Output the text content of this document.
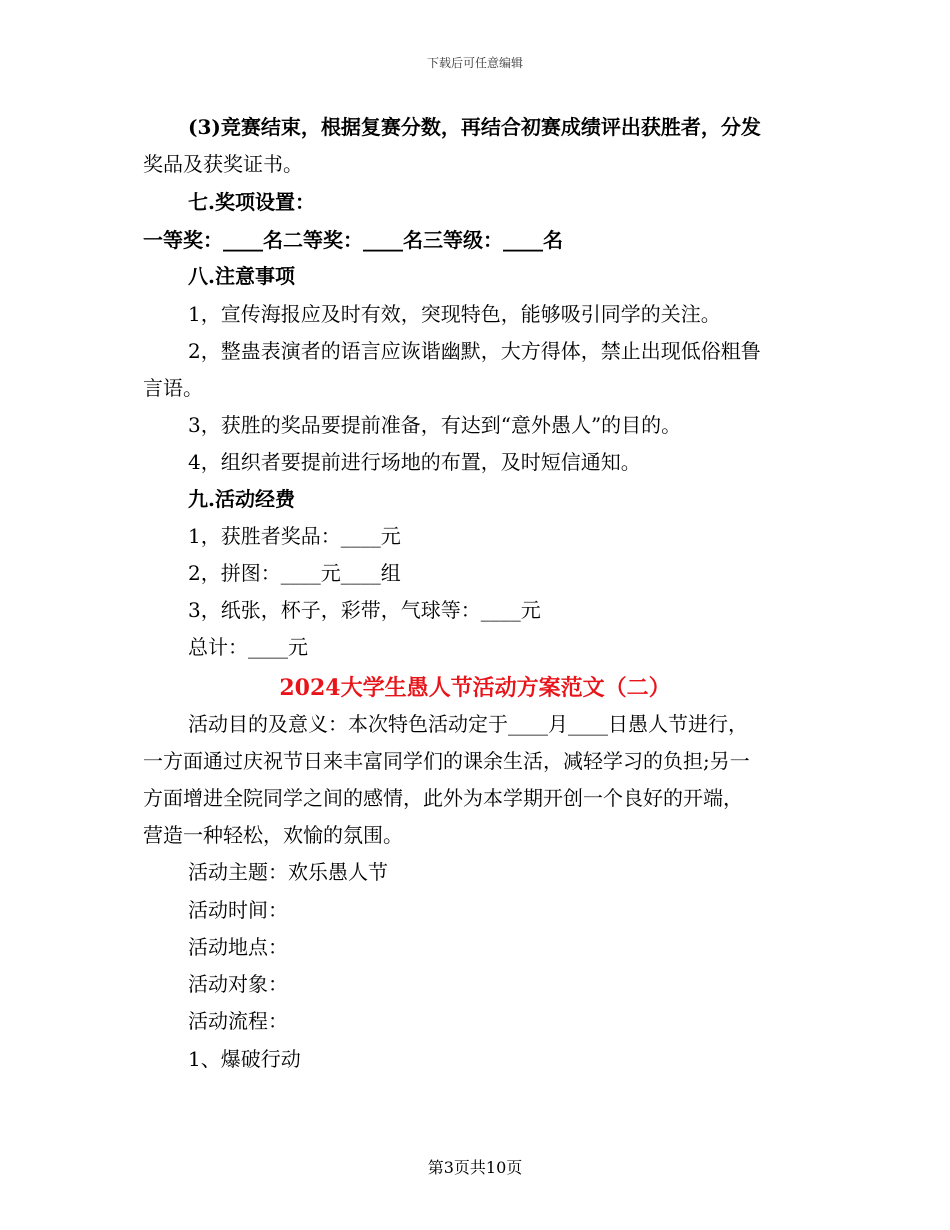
下载后可任意编辑
(3)竞赛结束，根据复赛分数，再结合初赛成绩评出获胜者，分发
奖品及获奖证书。
七.奖项设置：
一等奖：____名二等奖：____名三等级：____名
八.注意事项
1，宣传海报应及时有效，突现特色，能够吸引同学的关注。
2，整蛊表演者的语言应诙谐幽默，大方得体，禁止出现低俗粗鲁
言语。
3，获胜的奖品要提前准备，有达到“意外愚人”的目的。
4，组织者要提前进行场地的布置，及时短信通知。
九.活动经费
1，获胜者奖品：____元
2，拼图：____元____组
3，纸张，杯子，彩带，气球等：____元
总计：____元
2024大学生愚人节活动方案范文（二）
活动目的及意义：本次特色活动定于____月____日愚人节进行，
一方面通过庆祝节日来丰富同学们的课余生活，减轻学习的负担;另一
方面增进全院同学之间的感情，此外为本学期开创一个良好的开端，
营造一种轻松，欢愉的氛围。
活动主题：欢乐愚人节
活动时间：
活动地点：
活动对象：
活动流程：
1、爆破行动
第3页共10页
